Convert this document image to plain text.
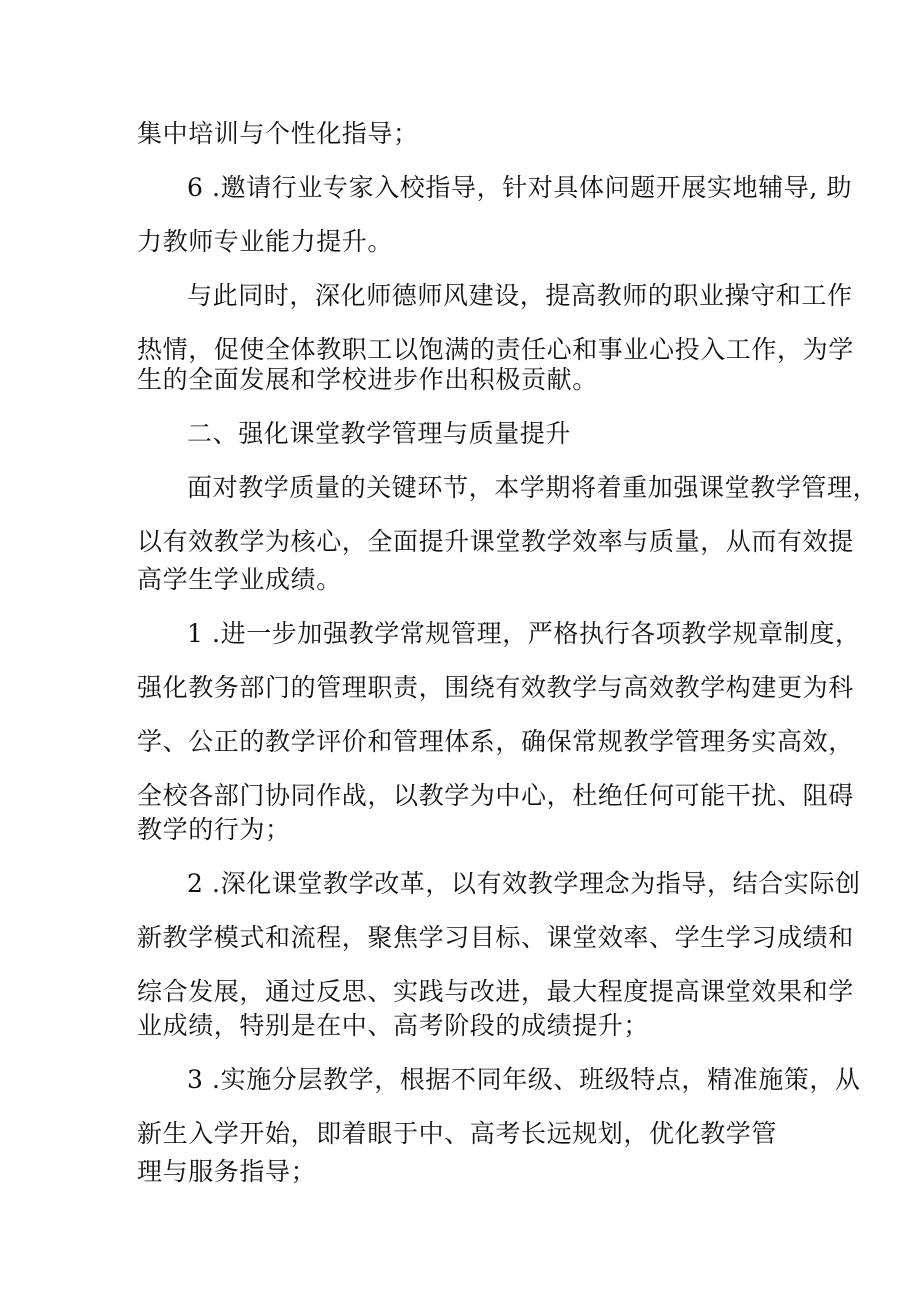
集中培训与个性化指导；
6 .邀请行业专家入校指导，针对具体问题开展实地辅导, 助
力教师专业能力提升。
与此同时，深化师德师风建设，提高教师的职业操守和工作
热情，促使全体教职工以饱满的责任心和事业心投入工作，为学
生的全面发展和学校进步作出积极贡献。
二、强化课堂教学管理与质量提升
面对教学质量的关键环节，本学期将着重加强课堂教学管理，
以有效教学为核心，全面提升课堂教学效率与质量，从而有效提
高学生学业成绩。
1 .进一步加强教学常规管理，严格执行各项教学规章制度，
强化教务部门的管理职责，围绕有效教学与高效教学构建更为科
学、公正的教学评价和管理体系，确保常规教学管理务实高效，
全校各部门协同作战，以教学为中心，杜绝任何可能干扰、阻碍
教学的行为；
2 .深化课堂教学改革，以有效教学理念为指导，结合实际创
新教学模式和流程，聚焦学习目标、课堂效率、学生学习成绩和
综合发展，通过反思、实践与改进，最大程度提高课堂效果和学
业成绩，特别是在中、高考阶段的成绩提升；
3 .实施分层教学，根据不同年级、班级特点，精准施策，从
新生入学开始，即着眼于中、高考长远规划，优化教学管
理与服务指导；
